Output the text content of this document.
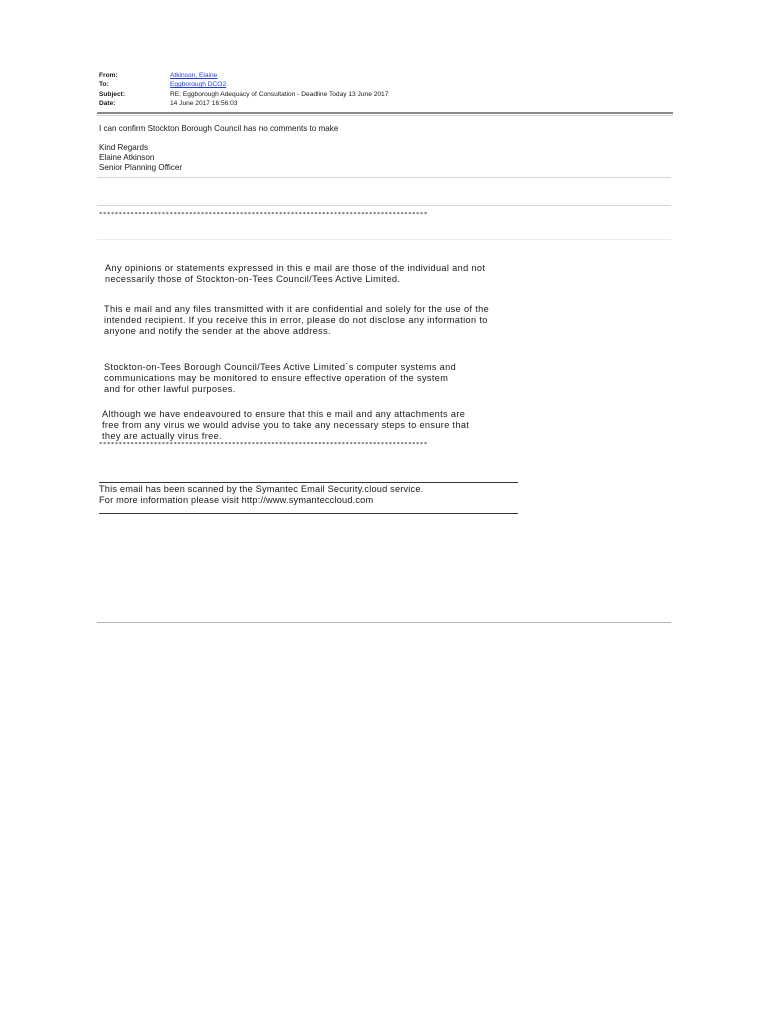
From:	Atkinson, Elaine
To:	Eggborough DCO2
Subject:	RE: Eggborough Adequacy of Consultation - Deadline Today 13 June 2017
Date:	14 June 2017 16:56:03
I can confirm Stockton Borough Council has no comments to make
Kind Regards
Elaine Atkinson
Senior Planning Officer
************************************************************************************
Any opinions or statements expressed in this e mail are those of the individual and not
necessarily those of Stockton-on-Tees Council/Tees Active Limited.
This e mail and any files transmitted with it are confidential and solely for the use of the
intended recipient. If you receive this in error, please do not disclose any information to
anyone and notify the sender at the above address.
Stockton-on-Tees Borough Council/Tees Active Limited`s computer systems and
communications may be monitored to ensure effective operation of the system
and for other lawful purposes.
Although we have endeavoured to ensure that this e mail and any attachments are
free from any virus we would advise you to take any necessary steps to ensure that
they are actually virus free.
************************************************************************************
This email has been scanned by the Symantec Email Security.cloud service.
For more information please visit http://www.symanteccloud.com
